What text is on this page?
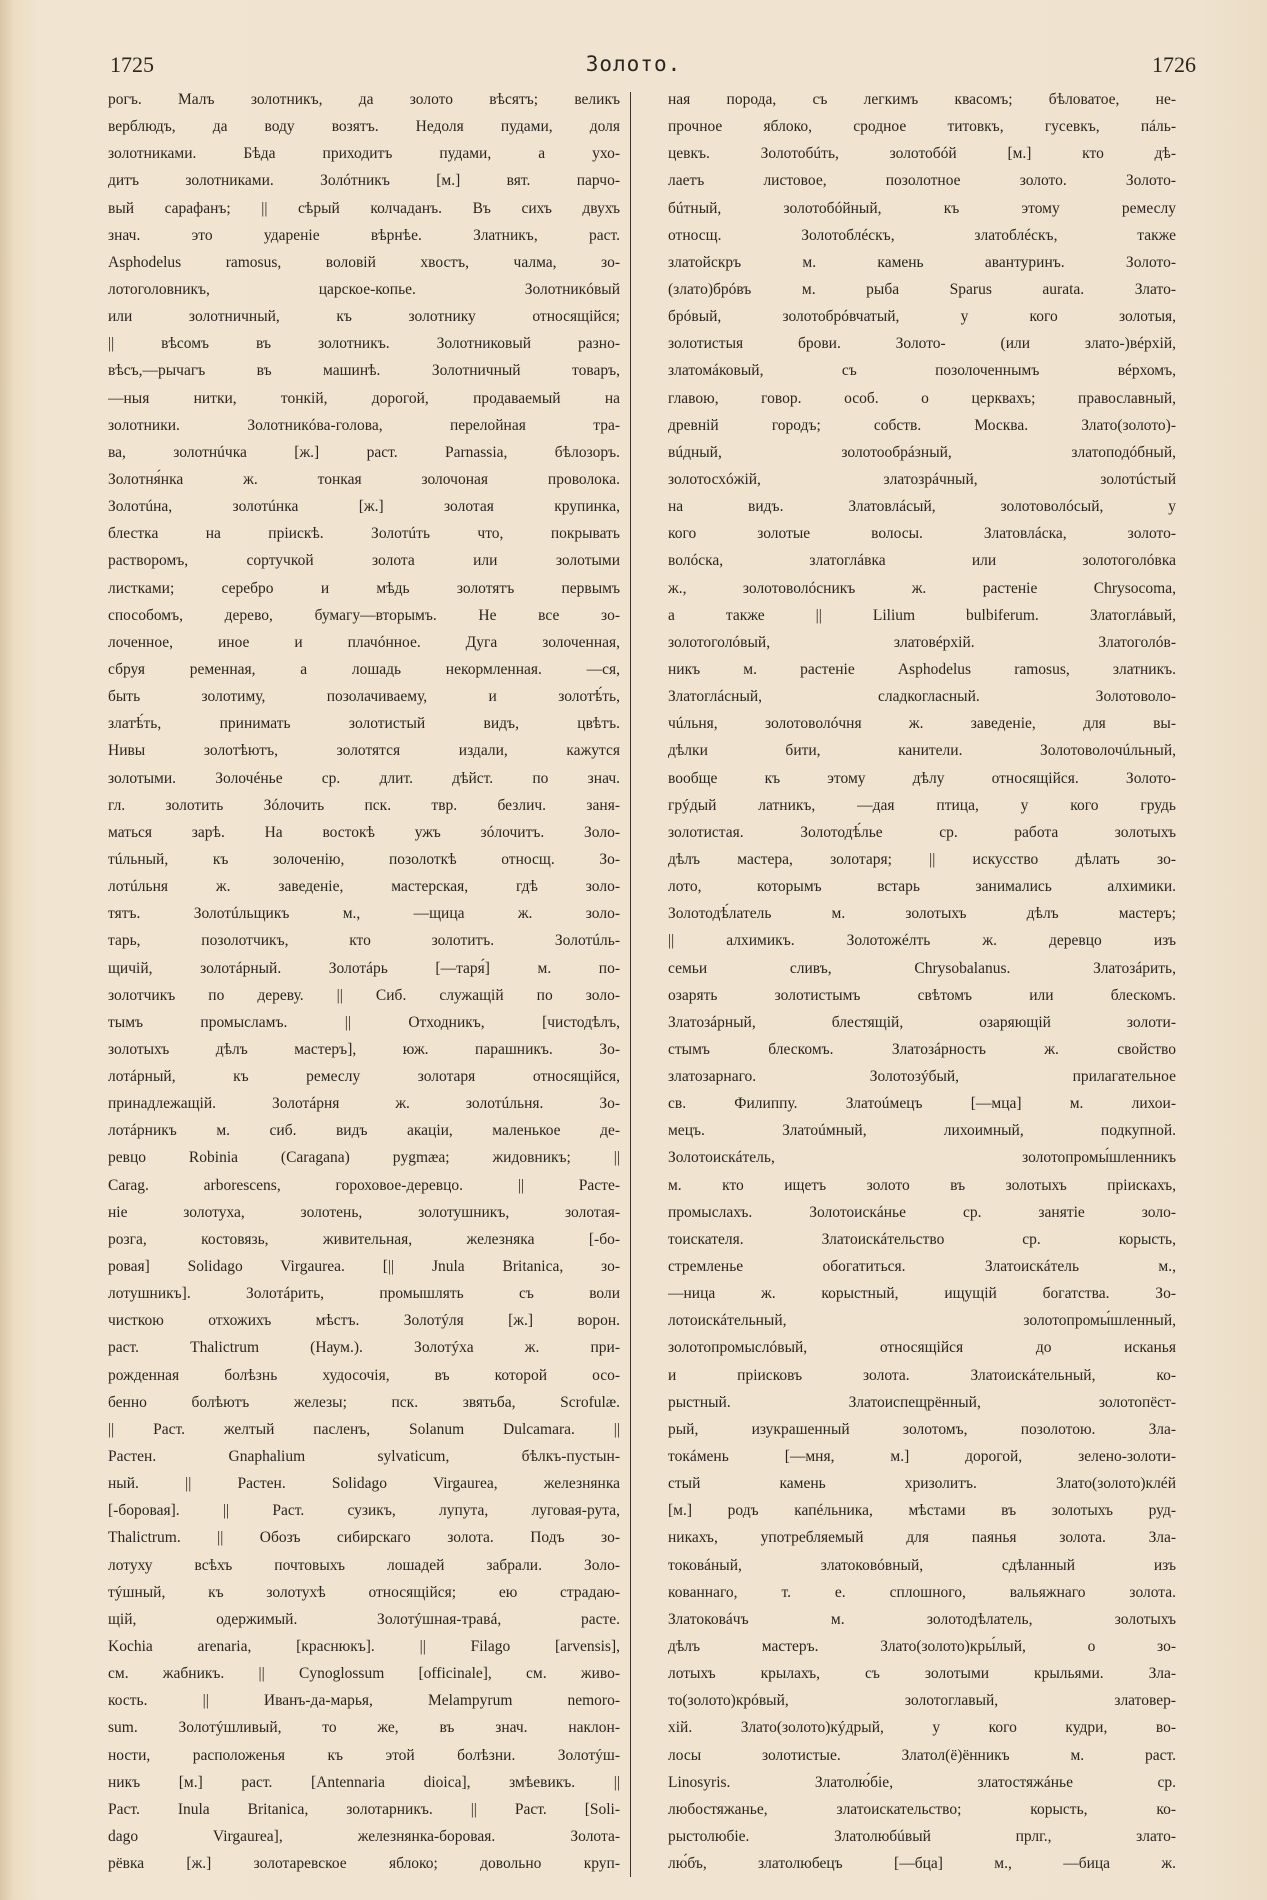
1725	Золото.	1726
рогъ. Малъ золотникъ, да золото вѣсятъ; великъ
верблюдъ, да воду возятъ. Недоля пудами, доля
золотниками. Бѣда приходитъ пудами, а ухо-
дитъ золотниками. Золóтникъ [м.] вят. парчо-
вый сарафанъ; || сѣрый колчаданъ. Въ сихъ двухъ
знач. это удареніе вѣрнѣе. Златникъ, раст.
Asphodelus ramosus, воловій хвостъ, чалма, зо-
лотоголовникъ, царское-копье. Золотникóвый
или золотничный, къ золотнику относящійся;
|| вѣсомъ въ золотникъ. Золотниковый разно-
вѣсъ,—рычагъ въ машинѣ. Золотничный товаръ,
—ныя нитки, тонкій, дорогой, продаваемый на
золотники. Золотникóва-голова, перелойная тра-
ва, золотнúчка [ж.] раст. Parnassia, бѣлозоръ.
Золотня́нка ж. тонкая золочоная проволока.
Золотúна, золотúнка [ж.] золотая крупинка,
блестка на пріискѣ. Золотúть что, покрывать
растворомъ, сортучкой золота или золотыми
листками; серебро и мѣдь золотятъ первымъ
способомъ, дерево, бумагу—вторымъ. Не все зо-
лоченное, иное и плачóнное. Дуга золоченная,
сбруя ременная, а лошадь некормленная. —ся,
быть золотиму, позолачиваему, и золотѣ́ть,
златѣ́ть, принимать золотистый видъ, цвѣтъ.
Нивы золотѣютъ, золотятся издали, кажутся
золотыми. Золочéнье ср. длит. дѣйст. по знач.
гл. золотить Зóлочить пск. твр. безлич. заня-
маться зарѣ. На востокѣ ужъ зóлочитъ. Золо-
тúльный, къ золоченію, позолоткѣ относщ. Зо-
лотúльня ж. заведеніе, мастерская, гдѣ золо-
тятъ. Золотúльщикъ м., —щица ж. золо-
тарь, позолотчикъ, кто золотитъ. Золотúль-
щичій, золотáрный. Золотáрь [—таря́] м. по-
золотчикъ по дереву. || Сиб. служащій по золо-
тымъ промысламъ. || Отходникъ, [чистодѣлъ,
золотыхъ дѣлъ мастеръ], юж. парашникъ. Зо-
лотáрный, къ ремеслу золотаря относящійся,
принадлежащій. Золотáрня ж. золотúльня. Зо-
лотáрникъ м. сиб. видъ акаціи, маленькое де-
ревцо Robinia (Caragana) pygmæa; жидовникъ; ||
Carag. arborescens, гороховое-деревцо. || Расте-
ніе золотуха, золотень, золотушникъ, золотая-
розга, костовязь, живительная, железняка [-бо-
ровая] Solidago Virgaurea. [|| Jnula Britanica, зо-
лотушникъ]. Золотáрить, промышлять съ воли
чисткою отхожихъ мѣстъ. Золотýля [ж.] ворон.
раст. Thalictrum (Наум.). Золотýха ж. при-
рожденная болѣзнь худосочія, въ которой осо-
бенно болѣютъ железы; пск. звятьба, Scrofulæ.
|| Раст. желтый пасленъ, Solanum Dulcamara. ||
Растен. Gnaphalium sylvaticum, бѣлкъ-пустын-
ный. || Растен. Solidago Virgaurea, железнянка
[-боровая]. || Раст. сузикъ, лупута, луговая-рута,
Thalictrum. || Обозъ сибирскаго золота. Подъ зо-
лотуху всѣхъ почтовыхъ лошадей забрали. Золо-
тýшный, къ золотухѣ относящійся; ею страдаю-
щій, одержимый. Золотýшная-травá, расте.
Kochia arenaria, [краснюкъ]. || Filago [arvensis],
см. жабникъ. || Cynoglossum [officinale], см. живо-
кость. || Иванъ-да-марья, Melampyrum nemoro-
sum. Золотýшливый, то же, въ знач. наклон-
ности, расположенья къ этой болѣзни. Золотýш-
никъ [м.] раст. [Antennaria dioica], змѣевикъ. ||
Раст. Inula Britanica, золотарникъ. || Раст. [Soli-
dago Virgaurea], железнянка-боровая. Золота-
рёвка [ж.] золотаревское яблоко; довольно круп-
ная порода, съ легкимъ квасомъ; бѣловатое, не-
прочное яблоко, сродное титовкъ, гусевкъ, пáль-
цевкъ. Золотобúть, золотобóй [м.] кто дѣ-
лаетъ листовое, позолотное золото. Золото-
бúтный, золотобóйный, къ этому ремеслу
относщ. Золотоблéскъ, златоблéскъ, также
златойскръ м. камень авантуринъ. Золото-
(злато)брóвъ м. рыба Sparus aurata. Злато-
брóвый, золотобрóвчатый, у кого золотыя,
золотистыя брови. Золото- (или злато-)вéрхій,
златомáковый, съ позолоченнымъ вéрхомъ,
главою, говор. особ. о церквахъ; православный,
древній городъ; собств. Москва. Злато(золото)-
вúдный, золотообрáзный, златоподóбный,
золотосхóжій, златозрáчный, золотúстый
на видъ. Златовлáсый, золотоволóсый, у
кого золотые волосы. Златовлáска, золото-
волóска, златоглáвка или золотоголóвка
ж., золотоволóсникъ ж. растеніе Chrysocoma,
а также || Lilium bulbiferum. Златоглáвый,
золотоголóвый, златовéрхій. Златоголóв-
никъ м. растеніе Asphodelus ramosus, златникъ.
Златоглáсный, сладкогласный. Золотоволо-
чúльня, золотоволóчня ж. заведеніе, для вы-
дѣлки бити, канители. Золотоволочúльный,
вообще къ этому дѣлу относящійся. Золото-
грýдый латникъ, —дая птица, у кого грудь
золотистая. Золотодѣ́лье ср. работа золотыхъ
дѣлъ мастера, золотаря; || искусство дѣлать зо-
лото, которымъ встарь занимались алхимики.
Золотодѣ́латель м. золотыхъ дѣлъ мастеръ;
|| алхимикъ. Золотожéлть ж. деревцо изъ
семьи сливъ, Chrysobalanus. Златозáрить,
озарять золотистымъ свѣтомъ или блескомъ.
Златозáрный, блестящій, озаряющій золоти-
стымъ блескомъ. Златозáрность ж. свойство
златозарнаго. Золотозýбый, прилагательное
св. Филиппу. Златоúмецъ [—мца] м. лихои-
мецъ. Златоúмный, лихоимный, подкупной.
Золотоискáтель, золотопромы́шленникъ
м. кто ищетъ золото въ золотыхъ пріискахъ,
промыслахъ. Золотоискáнье ср. занятіе золо-
тоискателя. Златоискáтельство ср. корысть,
стремленье обогатиться. Златоискáтель м.,
—ница ж. корыстный, ищущій богатства. Зо-
лотоискáтельный, золотопромы́шленный,
золотопромыслóвый, относящійся до исканья
и пріисковъ золота. Златоискáтельный, ко-
рыстный. Златоиспещрённый, золотопёст-
рый, изукрашенный золотомъ, позолотою. Зла-
токáмень [—мня, м.] дорогой, зелено-золоти-
стый камень хризолитъ. Злато(золото)клéй
[м.] родъ капéльника, мѣстами въ золотыхъ руд-
никахъ, употребляемый для паянья золота. Зла-
токовáный, златоковóвный, сдѣланный изъ
кованнаго, т. е. сплошного, вальяжнаго золота.
Златоковáчъ м. золотодѣлатель, золотыхъ
дѣлъ мастеръ. Злато(золото)кры́лый, о зо-
лотыхъ крылахъ, съ золотыми крыльями. Зла-
то(золото)крóвый, золотоглавый, златовер-
хій. Злато(золото)кýдрый, у кого кудри, во-
лосы золотистые. Златол(ё)ённикъ м. раст.
Linosyris. Златолю́біе, златостяжáнье ср.
любостяжанье, златоискательство; корысть, ко-
рыстолюбіе. Златолюбúвый прлг., злато-
лю́бъ, златолюбецъ [—бца] м., —бица ж.
